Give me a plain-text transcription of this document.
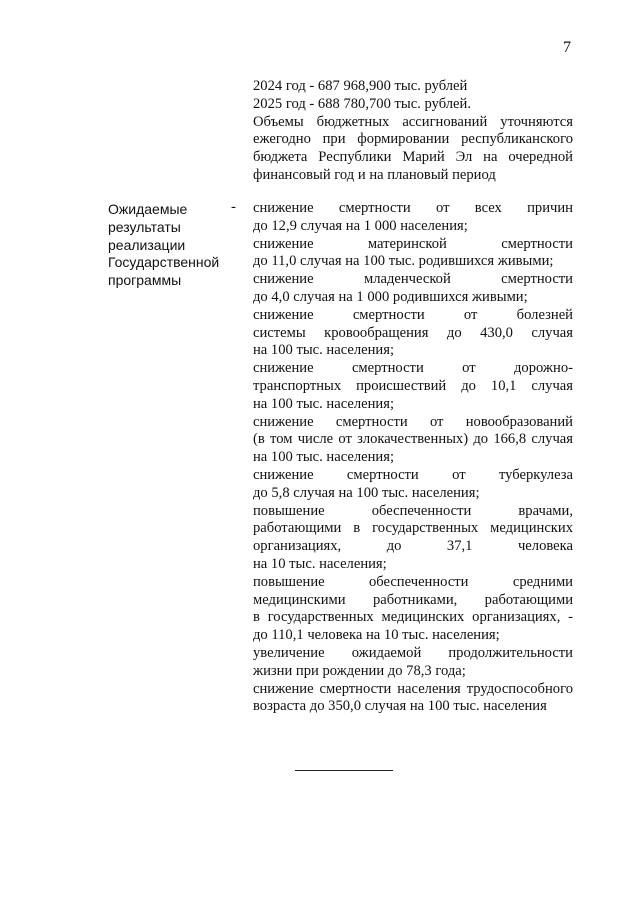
7
2024 год - 687 968,900 тыс. рублей
2025 год - 688 780,700 тыс. рублей.
Объемы бюджетных ассигнований уточняются
ежегодно при формировании республиканского
бюджета Республики Марий Эл на очередной
финансовый год и на плановый период
Ожидаемые
результаты
реализации
Государственной
программы
- снижение смертности от всех причин
до 12,9 случая на 1 000 населения;
снижение материнской смертности
до 11,0 случая на 100 тыс. родившихся живыми;
снижение младенческой смертности
до 4,0 случая на 1 000 родившихся живыми;
снижение смертности от болезней
системы кровообращения до 430,0 случая
на 100 тыс. населения;
снижение смертности от дорожно-
транспортных происшествий до 10,1 случая
на 100 тыс. населения;
снижение смертности от новообразований
(в том числе от злокачественных) до 166,8 случая
на 100 тыс. населения;
снижение смертности от туберкулеза
до 5,8 случая на 100 тыс. населения;
повышение обеспеченности врачами,
работающими в государственных медицинских
организациях, до 37,1 человека
на 10 тыс. населения;
повышение обеспеченности средними
медицинскими работниками, работающими
в государственных медицинских организациях, -
до 110,1 человека на 10 тыс. населения;
увеличение ожидаемой продолжительности
жизни при рождении до 78,3 года;
снижение смертности населения трудоспособного
возраста до 350,0 случая на 100 тыс. населения
